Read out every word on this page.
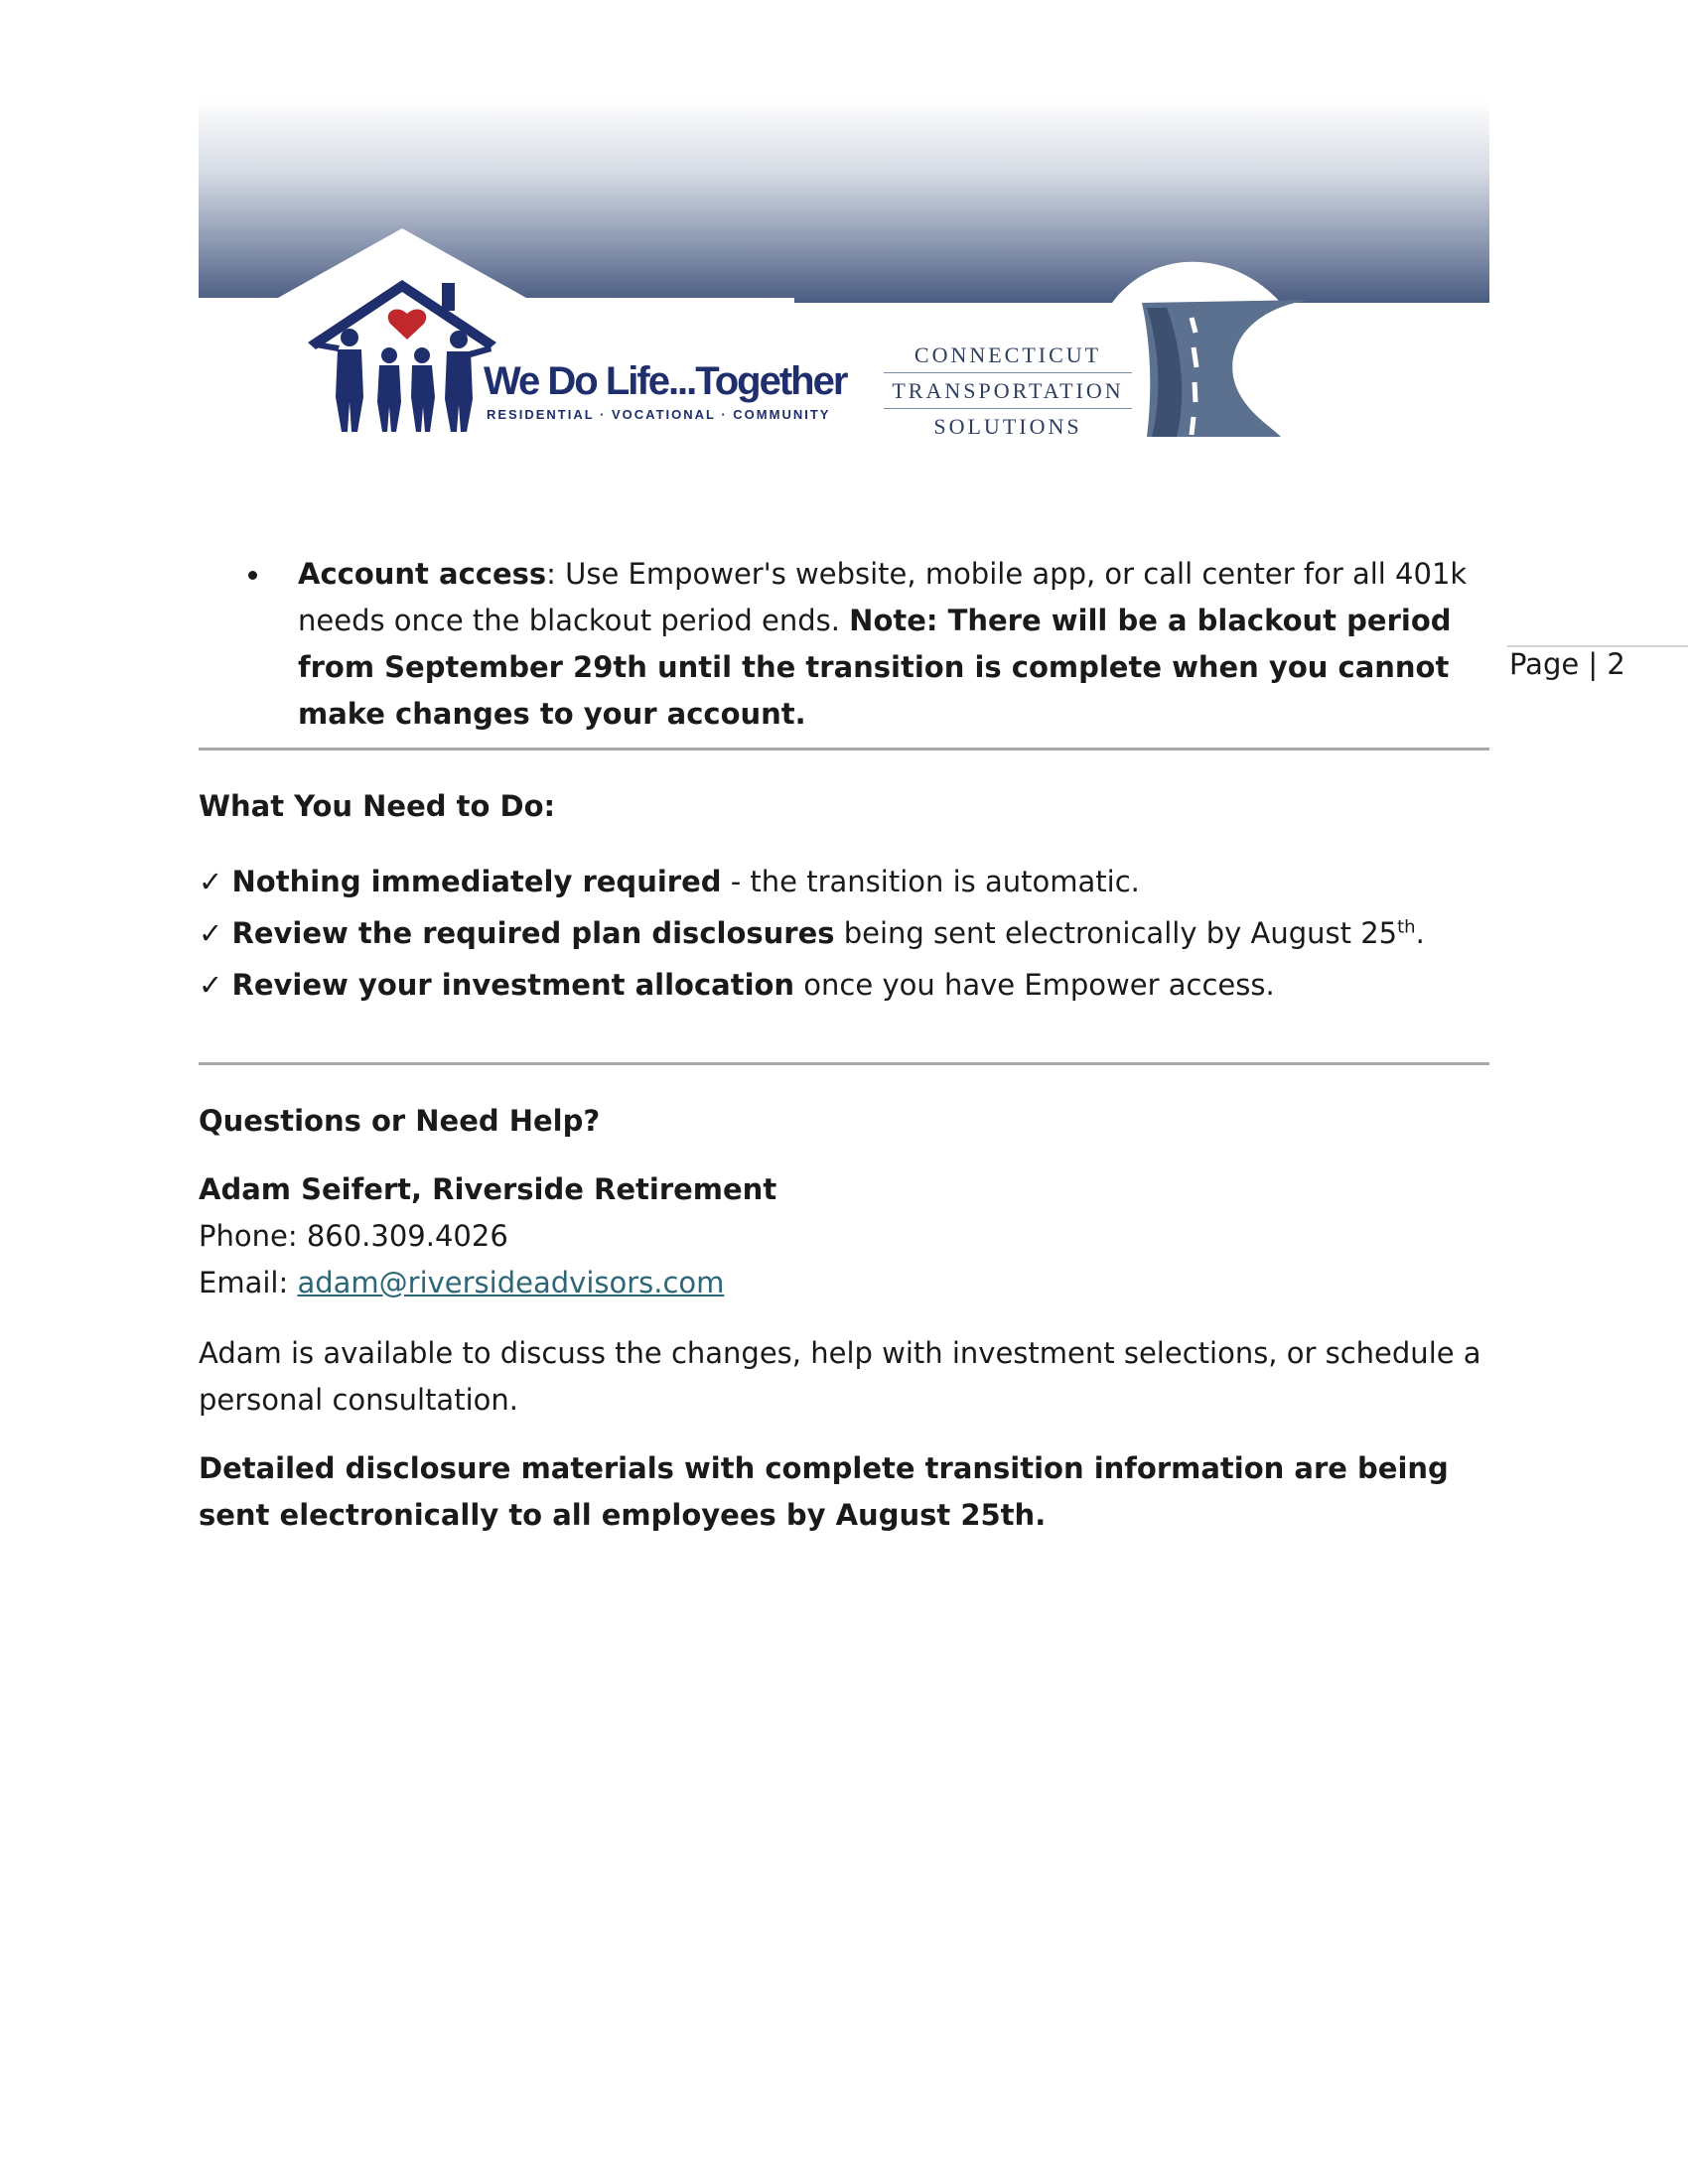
We Do Life...Together
RESIDENTIAL · VOCATIONAL · COMMUNITY
CONNECTICUT
TRANSPORTATION
SOLUTIONS
Account access: Use Empower's website, mobile app, or call center for all 401k needs once the blackout period ends. Note: There will be a blackout period from September 29th until the transition is complete when you cannot make changes to your account.
Page | 2
What You Need to Do:
✓ Nothing immediately required - the transition is automatic.
✓ Review the required plan disclosures being sent electronically by August 25th.
✓ Review your investment allocation once you have Empower access.
Questions or Need Help?
Adam Seifert, Riverside Retirement
Phone: 860.309.4026
Email: adam@riversideadvisors.com
Adam is available to discuss the changes, help with investment selections, or schedule a personal consultation.
Detailed disclosure materials with complete transition information are being sent electronically to all employees by August 25th.
